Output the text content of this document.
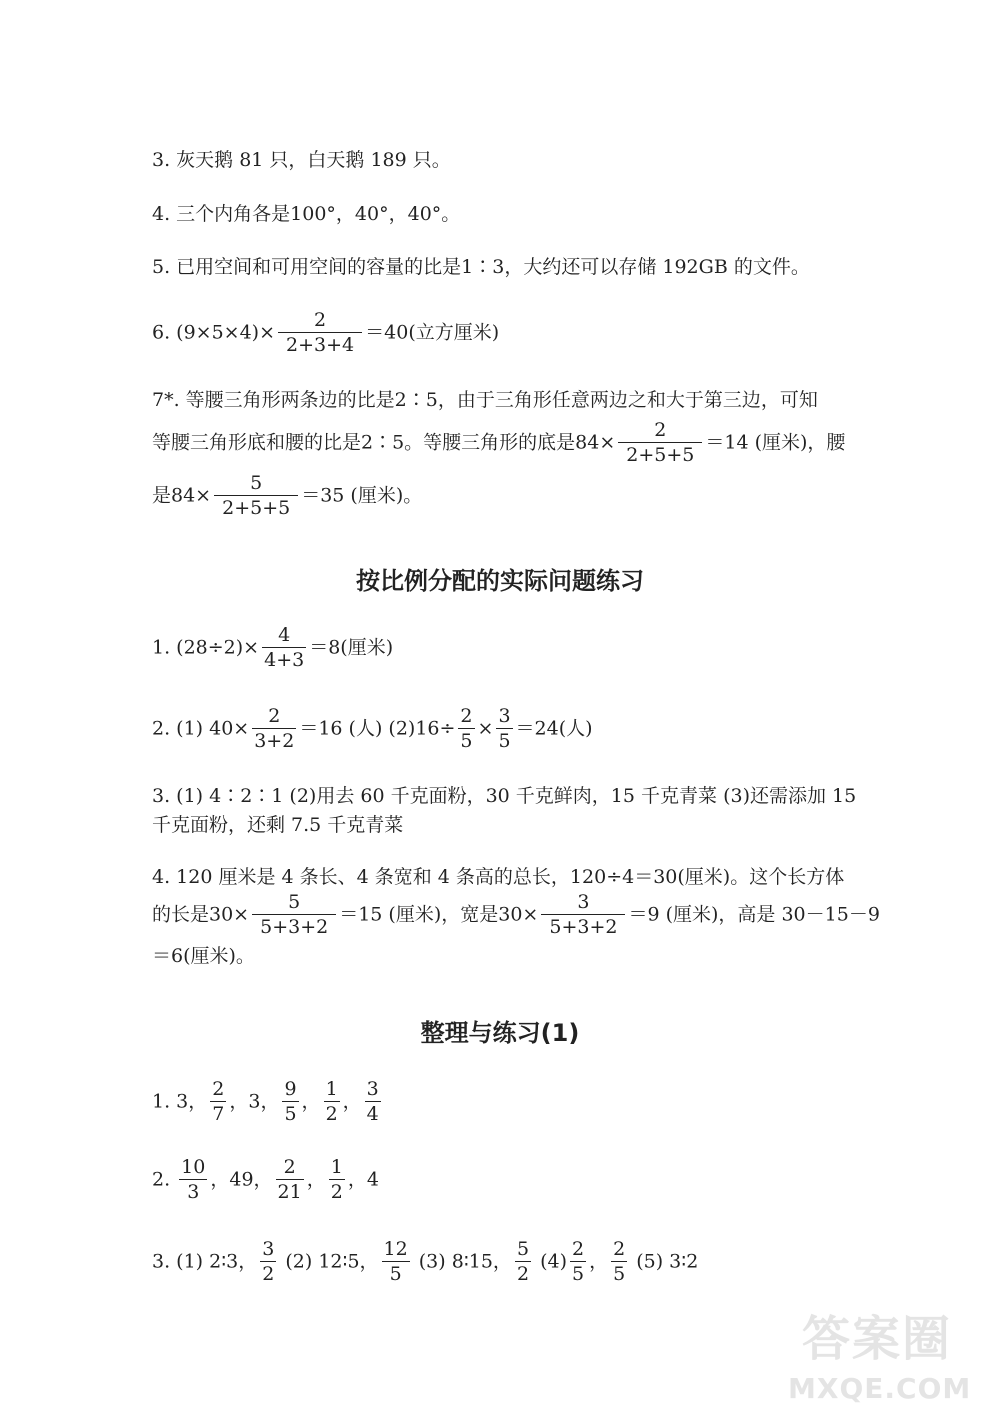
3. 灰天鹅 81 只，白天鹅 189 只。
4. 三个内角各是100°，40°，40°。
5. 已用空间和可用空间的容量的比是1∶3，大约还可以存储 192GB 的文件。
6. $(9\times 5\times 4)\times \frac{2}{2+3+4} =40$(立方厘米)
7*. 等腰三角形两条边的比是2∶5，由于三角形任意两边之和大于第三边，可知
等腰三角形底和腰的比是2∶5。等腰三角形的底是$84\times \frac{2}{2+5+5} =14$ (厘米)，腰
是$84\times \frac{5}{2+5+5} =35$ (厘米)。
按比例分配的实际问题练习
1. $(28\div 2)\times \frac{4}{4+3} =8$(厘米)
2. (1) $40\times \frac{2}{3+2} =16$ (人) $(2)16\div \frac{2}{5} \times \frac{3}{5} =24$(人)
3. (1) 4∶2∶1 (2)用去 60 千克面粉，30 千克鲜肉，15 千克青菜 (3)还需添加 15
千克面粉，还剩 7.5 千克青菜
4. 120 厘米是 4 条长、4 条宽和 4 条高的总长，120÷4＝30(厘米)。这个长方体
的长是$30\times \frac{5}{5+3+2} =15$ (厘米)，宽是$30\times \frac{3}{5+3+2} =9$ (厘米)，高是 30－15－9
＝6(厘米)。
整理与练习(1)
1. 3， $\frac{2}{7}$ ，3， $\frac{9}{5}$ ， $\frac{1}{2}$ ， $\frac{3}{4}$
2. $\frac{10}{3}$ ，49， $\frac{2}{21}$ ， $\frac{1}{2}$ ，4
3. (1) 2∶3， $\frac{3}{2} (2)$ 12∶5， $\frac{12}{5} (3)$ 8∶15， $\frac{5}{2} (4) \frac{2}{5}$ ， $\frac{2}{5} (5)$ 3∶2
答案圈
MXQE.COM
